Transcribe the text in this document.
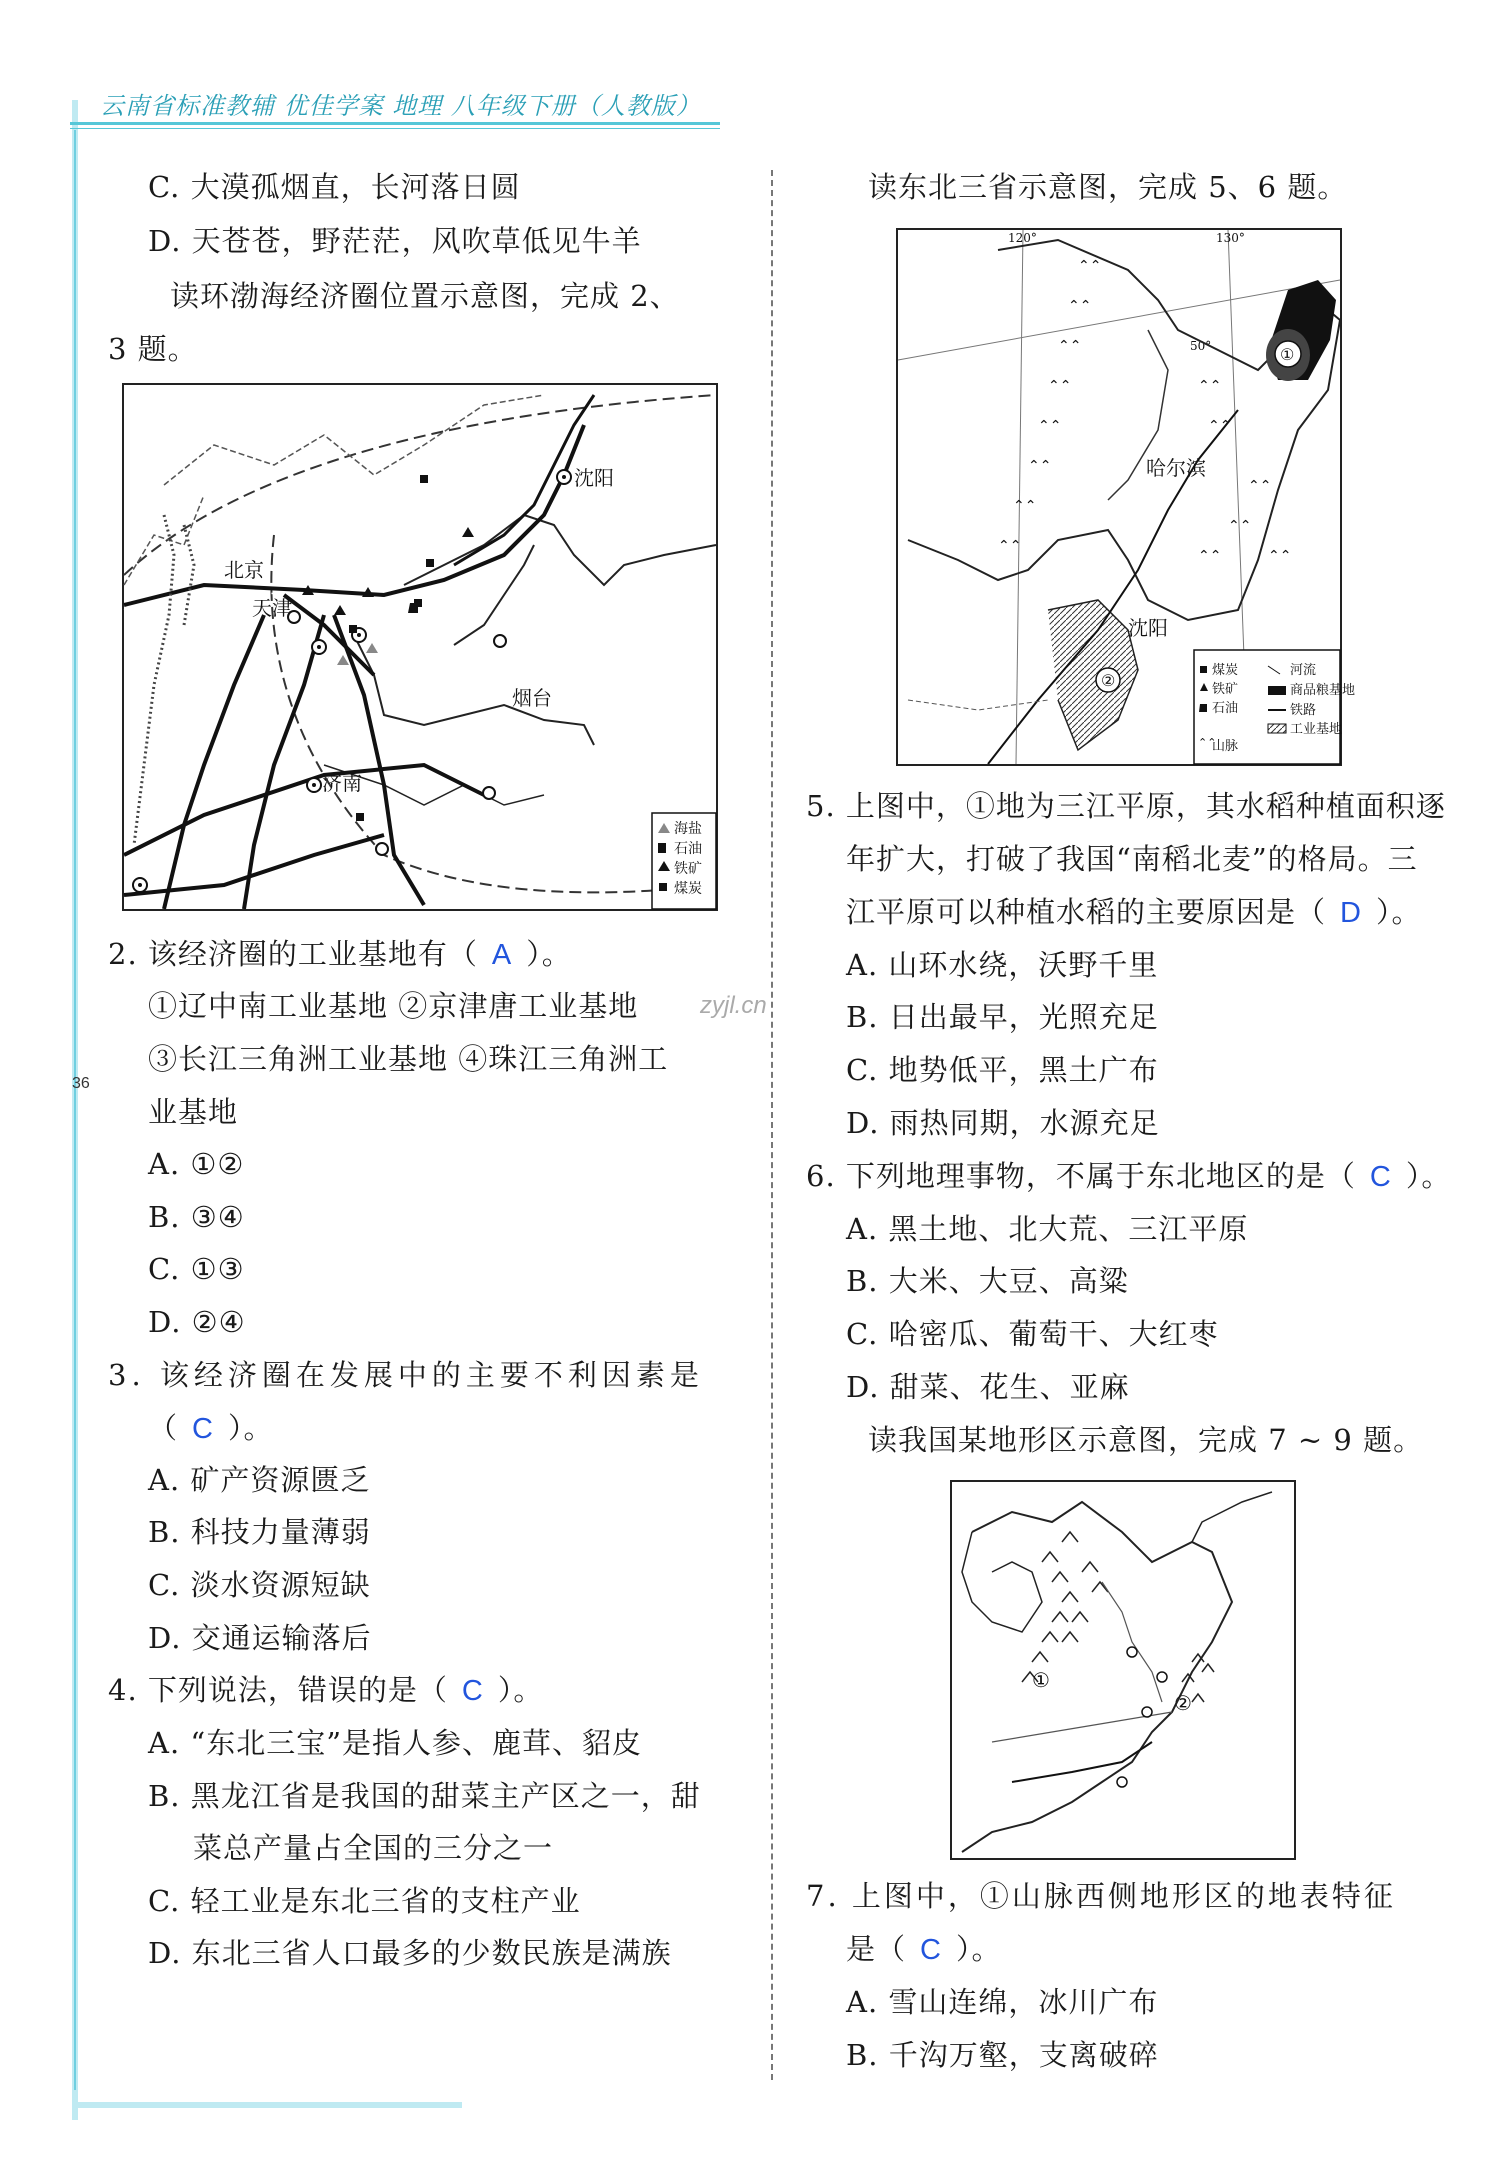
云南省标准教辅 优佳学案 地理 八年级下册（人教版）
36
zyjl.cn
C. 大漠孤烟直，长河落日圆
D. 天苍苍，野茫茫，风吹草低见牛羊
读环渤海经济圈位置示意图，完成 2、
3 题。
北京
天津
沈阳
烟台
济南
海盐
石油
铁矿
煤炭
2. 该经济圈的工业基地有（ A ）。
①辽中南工业基地 ②京津唐工业基地
③长江三角洲工业基地 ④珠江三角洲工
业基地
A. ①②
B. ③④
C. ①③
D. ②④
3. 该经济圈在发展中的主要不利因素是
（ C ）。
A. 矿产资源匮乏
B. 科技力量薄弱
C. 淡水资源短缺
D. 交通运输落后
4. 下列说法，错误的是（ C ）。
A. “东北三宝”是指人参、鹿茸、貂皮
B. 黑龙江省是我国的甜菜主产区之一，甜
菜总产量占全国的三分之一
C. 轻工业是东北三省的支柱产业
D. 东北三省人口最多的少数民族是满族
读东北三省示意图，完成 5、6 题。
120°	130°
50°	①
哈尔滨
②
沈阳
⌃⌃
⌃⌃
⌃⌃
⌃⌃
⌃⌃
⌃⌃
⌃⌃
⌃⌃
⌃⌃
⌃⌃
⌃⌃
⌃⌃
⌃⌃	⌃⌃
⌃⌃
煤炭
铁矿
石油
山脉
河流
商品粮基地
铁路
工业基地
5. 上图中，①地为三江平原，其水稻种植面积逐
年扩大，打破了我国“南稻北麦”的格局。三
江平原可以种植水稻的主要原因是（ D ）。
A. 山环水绕，沃野千里
B. 日出最早，光照充足
C. 地势低平，黑土广布
D. 雨热同期，水源充足
6. 下列地理事物，不属于东北地区的是（ C ）。
A. 黑土地、北大荒、三江平原
B. 大米、大豆、高粱
C. 哈密瓜、葡萄干、大红枣
D. 甜菜、花生、亚麻
读我国某地形区示意图，完成 7 ~ 9 题。
①
②
7. 上图中，①山脉西侧地形区的地表特征
是（ C ）。
A. 雪山连绵，冰川广布
B. 千沟万壑，支离破碎
